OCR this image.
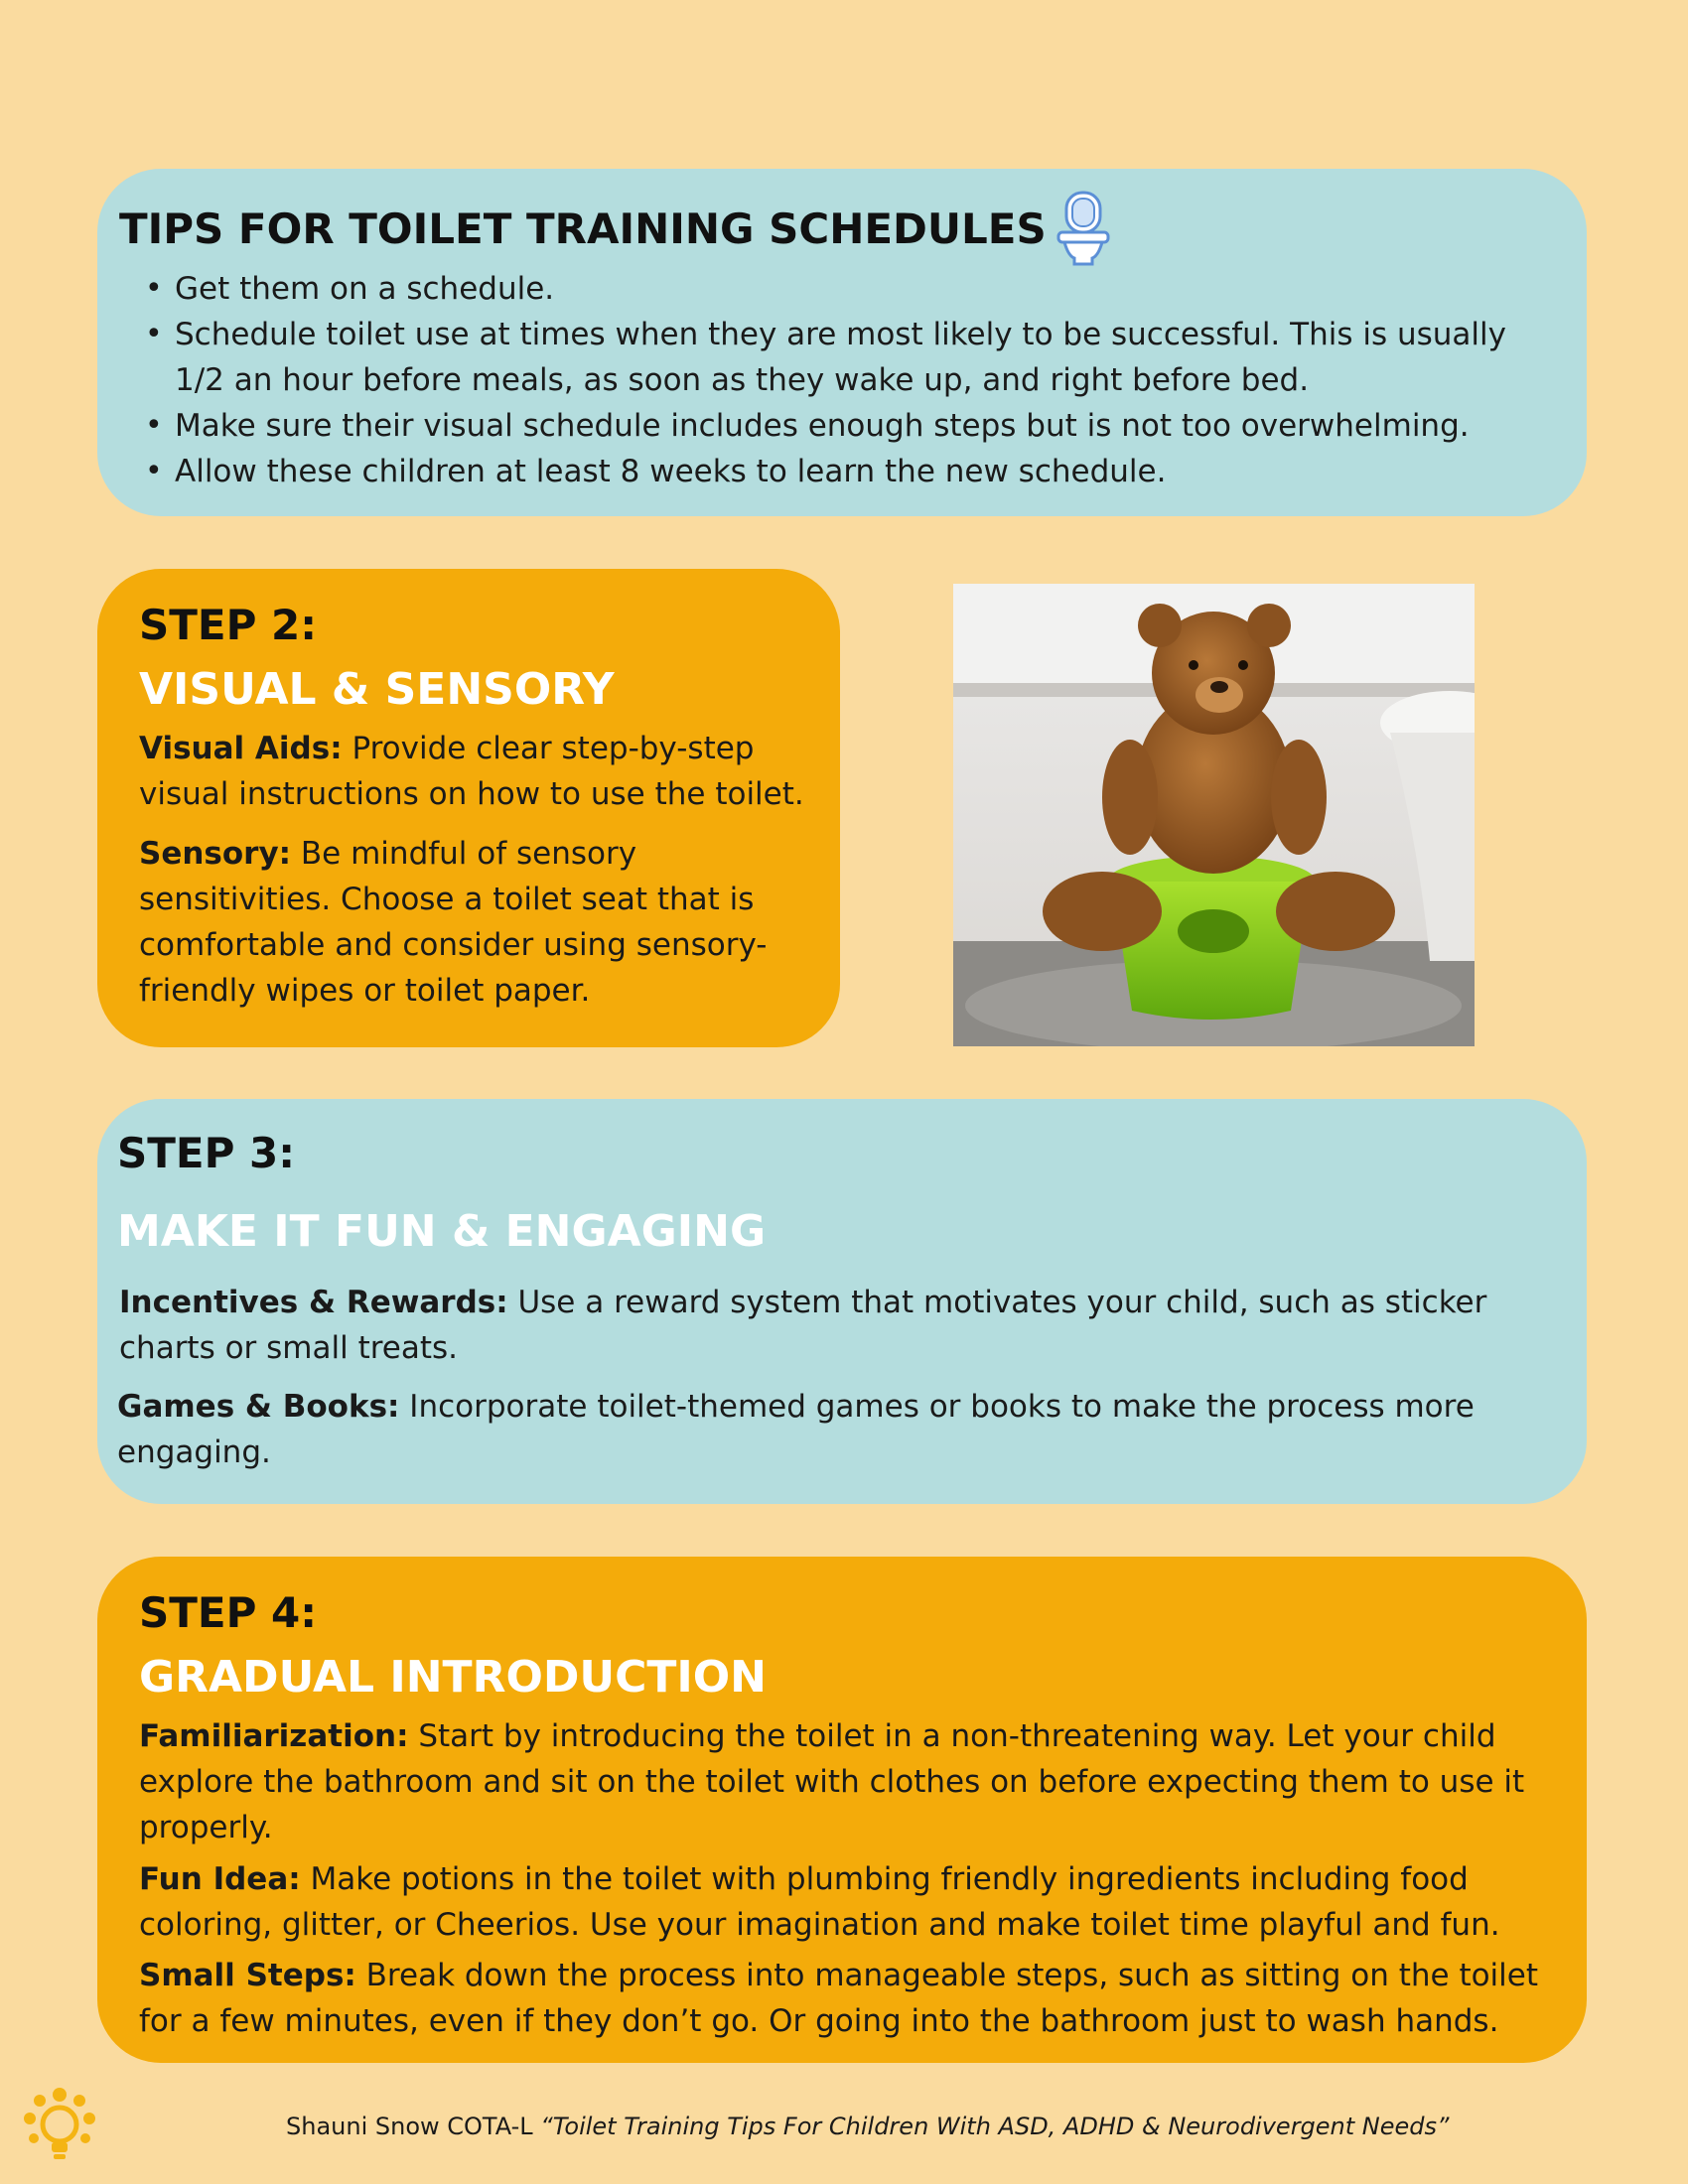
TIPS FOR TOILET TRAINING SCHEDULES
• Get them on a schedule.
• Schedule toilet use at times when they are most likely to be successful. This is usually 1/2 an hour before meals, as soon as they wake up, and right before bed.
• Make sure their visual schedule includes enough steps but is not too overwhelming.
• Allow these children at least 8 weeks to learn the new schedule.
STEP 2:
VISUAL & SENSORY

Visual Aids: Provide clear step-by-step visual instructions on how to use the toilet.

Sensory: Be mindful of sensory sensitivities. Choose a toilet seat that is comfortable and consider using sensory-friendly wipes or toilet paper.

STEP 3:
MAKE IT FUN & ENGAGING

Incentives & Rewards: Use a reward system that motivates your child, such as sticker charts or small treats.

Games & Books: Incorporate toilet-themed games or books to make the process more engaging.

STEP 4:
GRADUAL INTRODUCTION

Familiarization: Start by introducing the toilet in a non-threatening way. Let your child explore the bathroom and sit on the toilet with clothes on before expecting them to use it properly.

Fun Idea: Make potions in the toilet with plumbing friendly ingredients including food coloring, glitter, or Cheerios. Use your imagination and make toilet time playful and fun.

Small Steps: Break down the process into manageable steps, such as sitting on the toilet for a few minutes, even if they don’t go. Or going into the bathroom just to wash hands.

Shauni Snow COTA-L “Toilet Training Tips For Children With ASD, ADHD & Neurodivergent Needs”
